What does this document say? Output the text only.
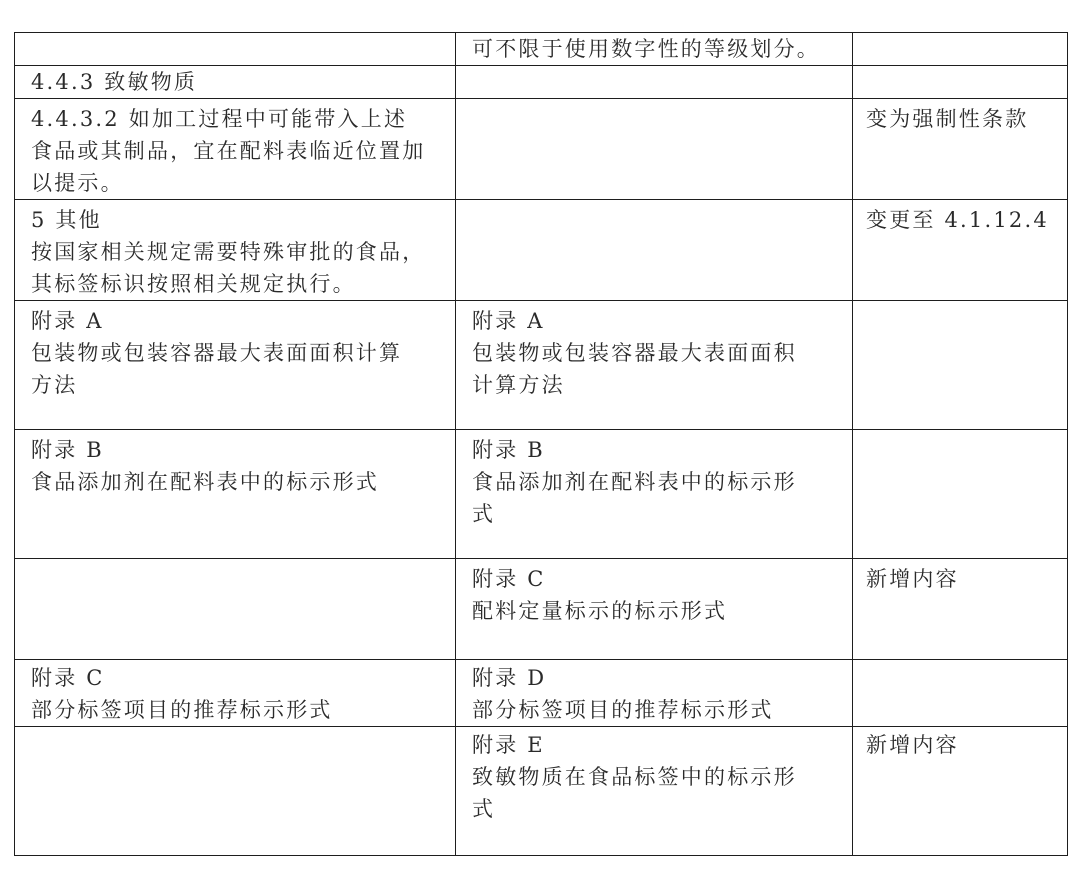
	可不限于使用数字性的等级划分。	

4.4.3 致敏物质		

4.4.3.2 如加工过程中可能带入上述
食品或其制品，宜在配料表临近位置加
以提示。		变为强制性条款

5 其他
按国家相关规定需要特殊审批的食品，
其标签标识按照相关规定执行。		变更至 4.1.12.4

附录 A
包装物或包装容器最大表面面积计算
方法	附录 A
包装物或包装容器最大表面面积
计算方法	

附录 B
食品添加剂在配料表中的标示形式	附录 B
食品添加剂在配料表中的标示形
式	

	附录 C
配料定量标示的标示形式	新增内容

附录 C
部分标签项目的推荐标示形式	附录 D
部分标签项目的推荐标示形式	

	附录 E
致敏物质在食品标签中的标示形
式	新增内容
